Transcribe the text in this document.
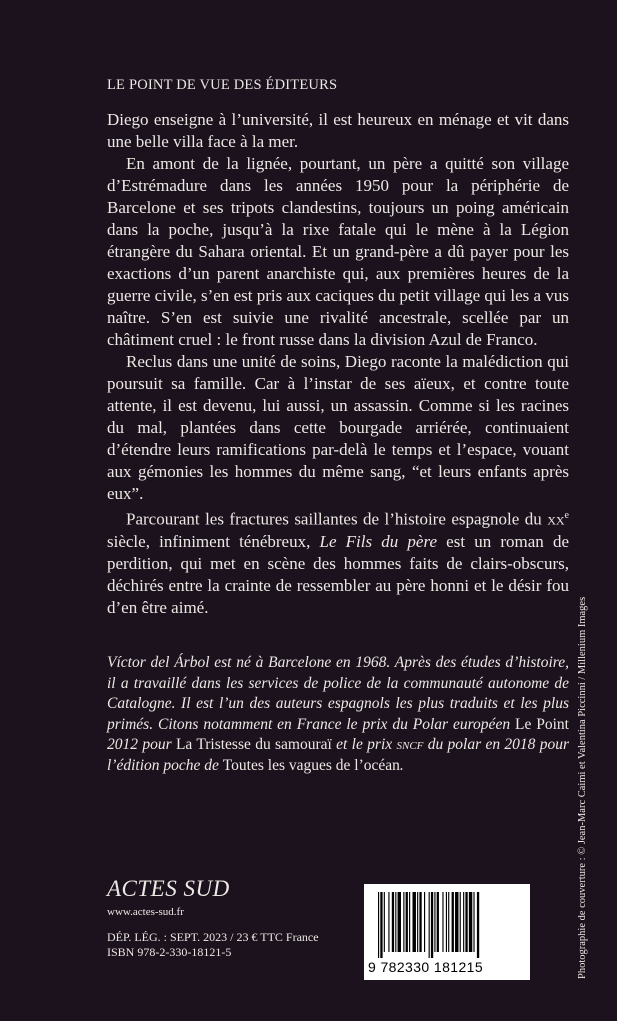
LE POINT DE VUE DES ÉDITEURS

Diego enseigne à l’université, il est heureux en ménage et vit dans une belle villa face à la mer.

En amont de la lignée, pourtant, un père a quitté son village d’Estrémadure dans les années 1950 pour la périphérie de Barcelone et ses tripots clandestins, toujours un poing américain dans la poche, jusqu’à la rixe fatale qui le mène à la Légion étrangère du Sahara oriental. Et un grand-père a dû payer pour les exactions d’un parent anarchiste qui, aux premières heures de la guerre civile, s’en est pris aux caciques du petit village qui les a vus naître. S’en est suivie une rivalité ancestrale, scellée par un châtiment cruel : le front russe dans la division Azul de Franco.

Reclus dans une unité de soins, Diego raconte la malédiction qui poursuit sa famille. Car à l’instar de ses aïeux, et contre toute attente, il est devenu, lui aussi, un assassin. Comme si les racines du mal, plantées dans cette bourgade arriérée, continuaient d’étendre leurs ramifications par-delà le temps et l’espace, vouant aux gémonies les hommes du même sang, “et leurs enfants après eux”.

Parcourant les fractures saillantes de l’histoire espagnole du $xx^e$ siècle, infiniment ténébreux, Le Fils du père est un roman de perdition, qui met en scène des hommes faits de clairs-obscurs, déchirés entre la crainte de ressembler au père honni et le désir fou d’en être aimé.

Víctor del Árbol est né à Barcelone en 1968. Après des études d’histoire, il a travaillé dans les services de police de la communauté autonome de Catalogne. Il est l’un des auteurs espagnols les plus traduits et les plus primés. Citons notamment en France le prix du Polar européen Le Point 2012 pour La Tristesse du samouraï et le prix sncf du polar en 2018 pour l’édition poche de Toutes les vagues de l’océan.
ACTES SUD
www.actes-sud.fr
DÉP. LÉG. : SEPT. 2023 / 23 € TTC France
ISBN 978-2-330-18121-5
9 782330 181215	Photographie de couverture : © Jean-Marc Caimi et Valentina Piccinni / Millenium Images
